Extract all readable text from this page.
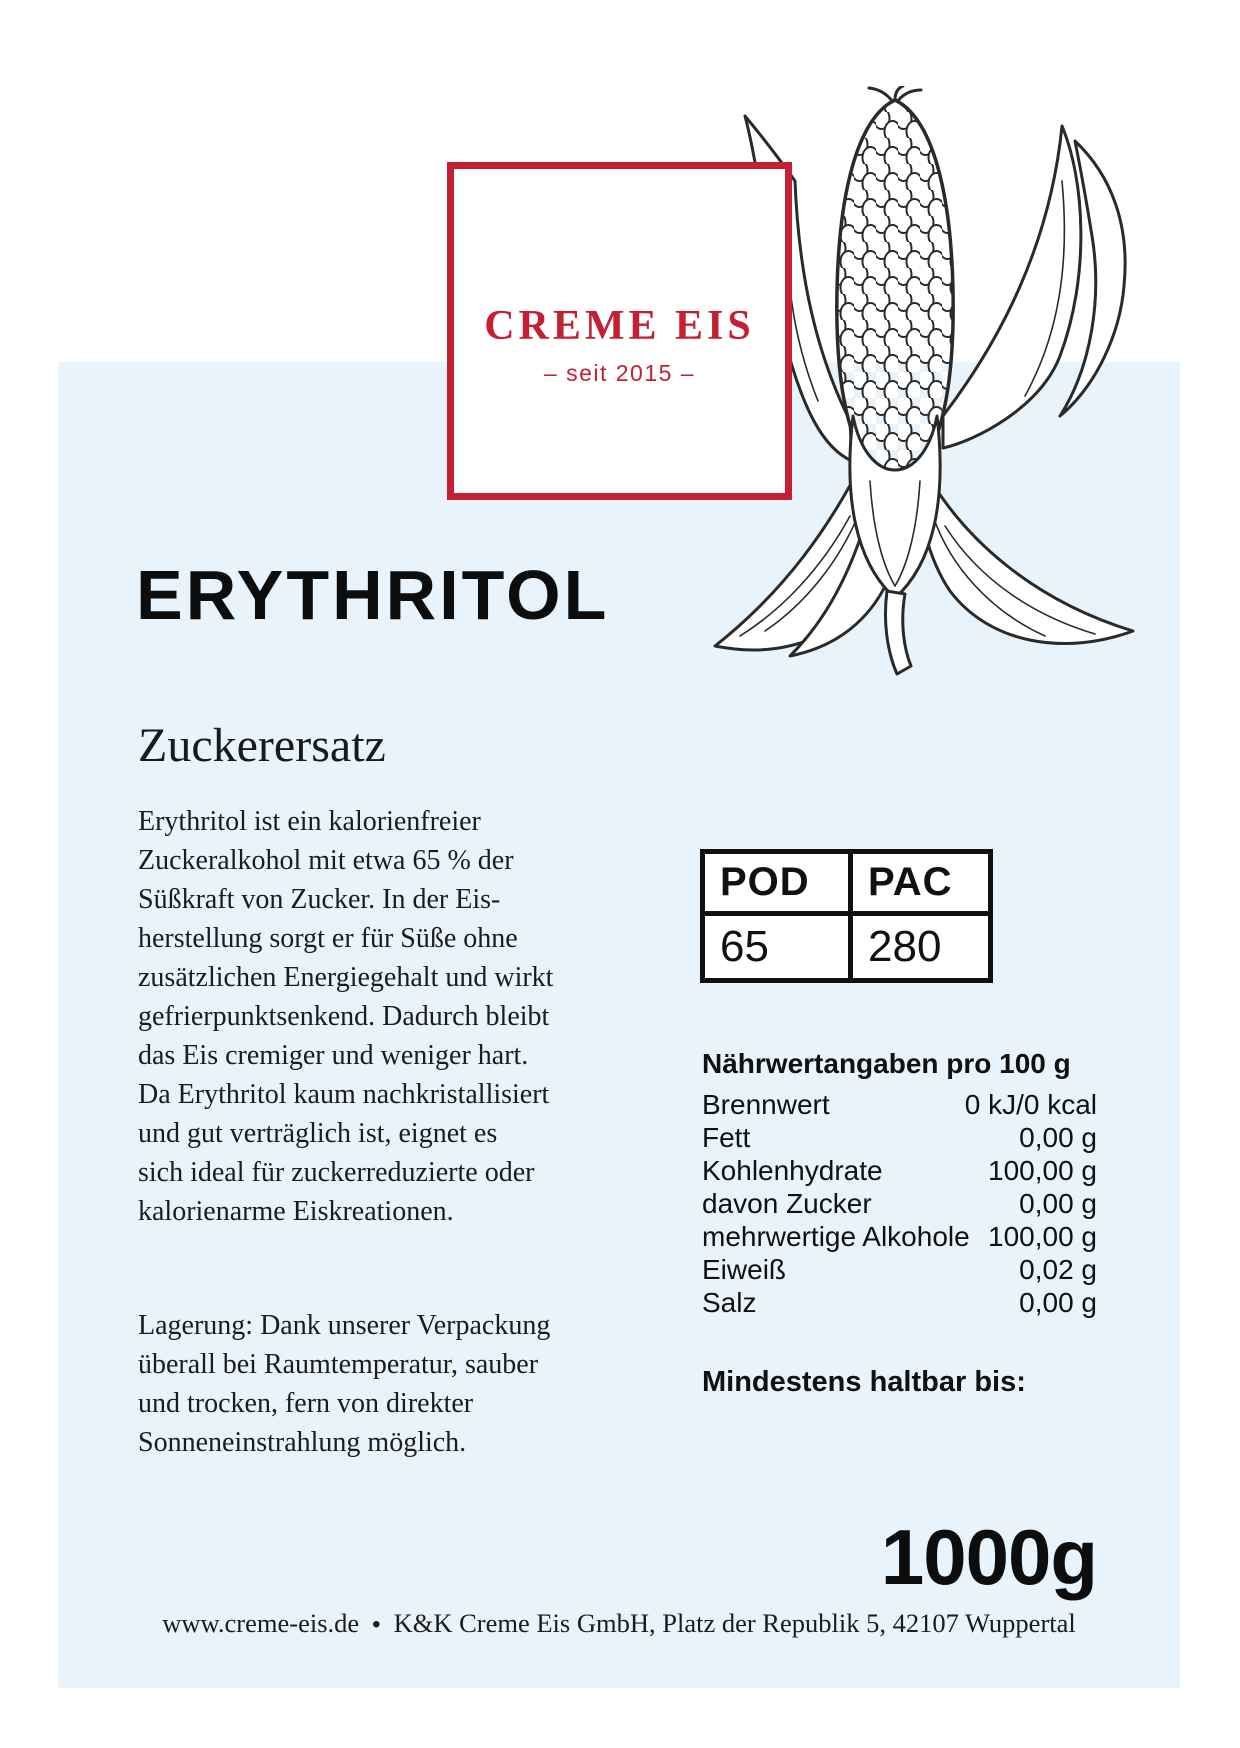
CREME EIS
– seit 2015 –
ERYTHRITOL
Zuckerersatz

Erythritol ist ein kalorienfreier
Zuckeralkohol mit etwa 65 % der
Süßkraft von Zucker. In der Eis-
herstellung sorgt er für Süße ohne
zusätzlichen Energiegehalt und wirkt
gefrierpunktsenkend. Dadurch bleibt
das Eis cremiger und weniger hart.
Da Erythritol kaum nachkristallisiert
und gut verträglich ist, eignet es
sich ideal für zuckerreduzierte oder
kalorienarme Eiskreationen.

Lagerung: Dank unserer Verpackung
überall bei Raumtemperatur, sauber
und trocken, fern von direkter
Sonneneinstrahlung möglich.

POD	PAC
65	280
Nährwertangaben pro 100 g
Brennwert	0 kJ/0 kcal
Fett	0,00 g
Kohlenhydrate	100,00 g
davon Zucker	0,00 g
mehrwertige Alkohole 100,00 g
Eiweiß	0,02 g
Salz	0,00 g
Mindestens haltbar bis:
1000g
www.creme-eis.de • K&K Creme Eis GmbH, Platz der Republik 5, 42107 Wuppertal
